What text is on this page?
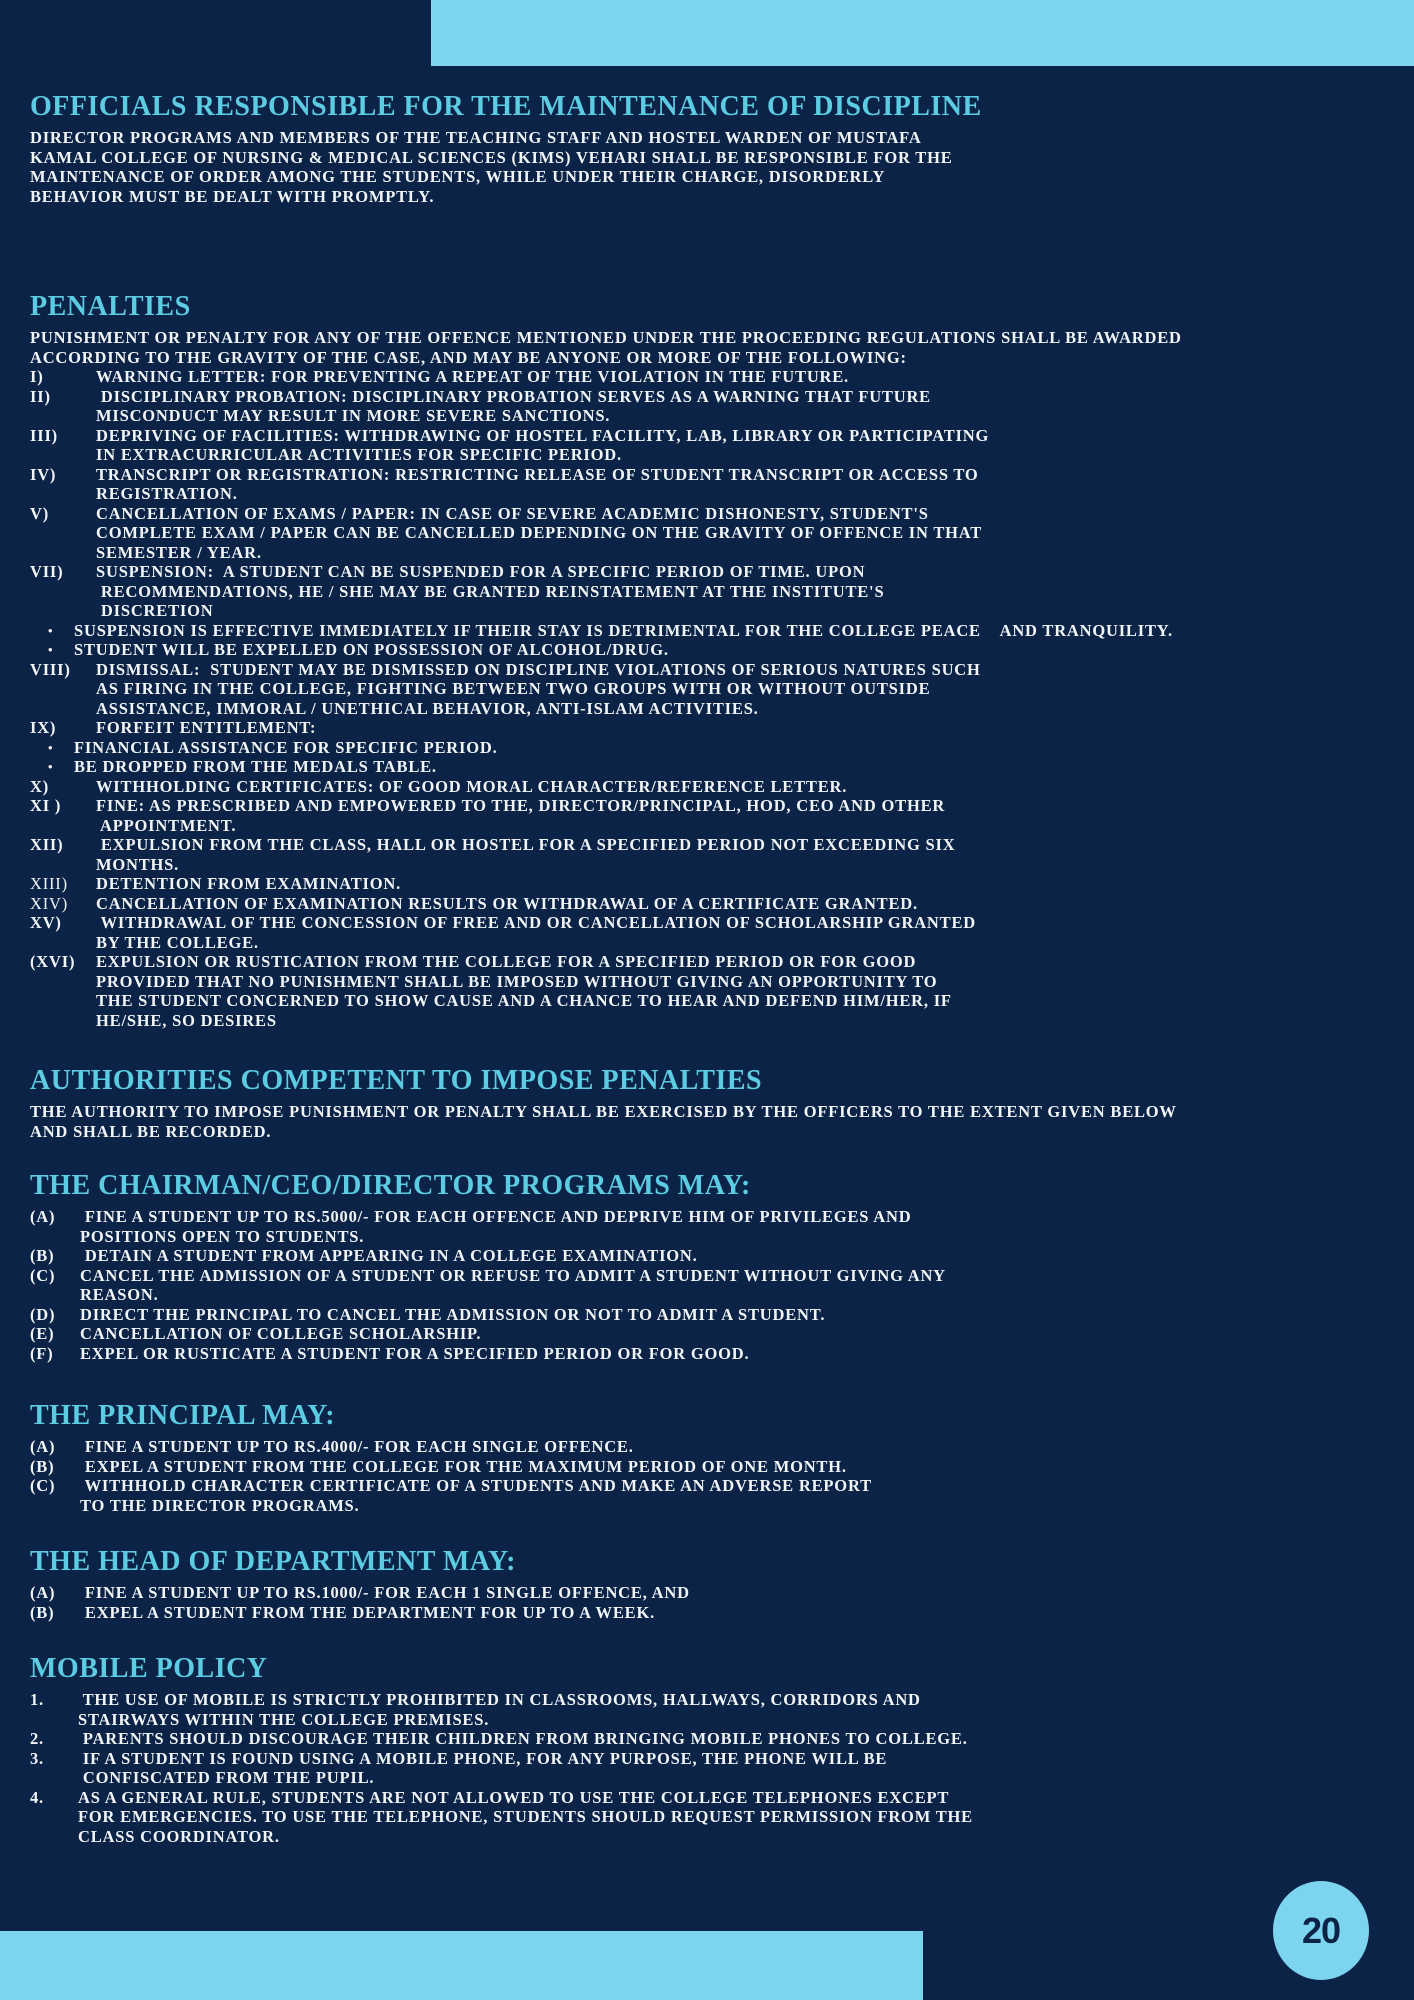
OFFICIALS RESPONSIBLE FOR THE MAINTENANCE OF DISCIPLINE
DIRECTOR PROGRAMS AND MEMBERS OF THE TEACHING STAFF AND HOSTEL WARDEN OF MUSTAFA
KAMAL COLLEGE OF NURSING & MEDICAL SCIENCES (KIMS) VEHARI SHALL BE RESPONSIBLE FOR THE
MAINTENANCE OF ORDER AMONG THE STUDENTS, WHILE UNDER THEIR CHARGE, DISORDERLY
BEHAVIOR MUST BE DEALT WITH PROMPTLY.
PENALTIES
PUNISHMENT OR PENALTY FOR ANY OF THE OFFENCE MENTIONED UNDER THE PROCEEDING REGULATIONS SHALL BE AWARDED
ACCORDING TO THE GRAVITY OF THE CASE, AND MAY BE ANYONE OR MORE OF THE FOLLOWING:
I)	WARNING LETTER: FOR PREVENTING A REPEAT OF THE VIOLATION IN THE FUTURE.
II)	DISCIPLINARY PROBATION: DISCIPLINARY PROBATION SERVES AS A WARNING THAT FUTURE
MISCONDUCT MAY RESULT IN MORE SEVERE SANCTIONS.
III)	DEPRIVING OF FACILITIES: WITHDRAWING OF HOSTEL FACILITY, LAB, LIBRARY OR PARTICIPATING
IN EXTRACURRICULAR ACTIVITIES FOR SPECIFIC PERIOD.
IV)	TRANSCRIPT OR REGISTRATION: RESTRICTING RELEASE OF STUDENT TRANSCRIPT OR ACCESS TO
REGISTRATION.
V)	CANCELLATION OF EXAMS / PAPER: IN CASE OF SEVERE ACADEMIC DISHONESTY, STUDENT'S
COMPLETE EXAM / PAPER CAN BE CANCELLED DEPENDING ON THE GRAVITY OF OFFENCE IN THAT
SEMESTER / YEAR.
VII)	SUSPENSION:  A STUDENT CAN BE SUSPENDED FOR A SPECIFIC PERIOD OF TIME. UPON
RECOMMENDATIONS, HE / SHE MAY BE GRANTED REINSTATEMENT AT THE INSTITUTE'S
DISCRETION
•	SUSPENSION IS EFFECTIVE IMMEDIATELY IF THEIR STAY IS DETRIMENTAL FOR THE COLLEGE PEACE    AND TRANQUILITY.
•	STUDENT WILL BE EXPELLED ON POSSESSION OF ALCOHOL/DRUG.
VIII)	DISMISSAL:  STUDENT MAY BE DISMISSED ON DISCIPLINE VIOLATIONS OF SERIOUS NATURES SUCH
AS FIRING IN THE COLLEGE, FIGHTING BETWEEN TWO GROUPS WITH OR WITHOUT OUTSIDE
ASSISTANCE, IMMORAL / UNETHICAL BEHAVIOR, ANTI-ISLAM ACTIVITIES.
IX)	FORFEIT ENTITLEMENT:
•	FINANCIAL ASSISTANCE FOR SPECIFIC PERIOD.
•	BE DROPPED FROM THE MEDALS TABLE.
X)	WITHHOLDING CERTIFICATES: OF GOOD MORAL CHARACTER/REFERENCE LETTER.
XI )	FINE: AS PRESCRIBED AND EMPOWERED TO THE, DIRECTOR/PRINCIPAL, HOD, CEO AND OTHER
APPOINTMENT.
XII)	EXPULSION FROM THE CLASS, HALL OR HOSTEL FOR A SPECIFIED PERIOD NOT EXCEEDING SIX
MONTHS.
XIII)	DETENTION FROM EXAMINATION.
XIV)	CANCELLATION OF EXAMINATION RESULTS OR WITHDRAWAL OF A CERTIFICATE GRANTED.
XV)	WITHDRAWAL OF THE CONCESSION OF FREE AND OR CANCELLATION OF SCHOLARSHIP GRANTED
BY THE COLLEGE.
(XVI)	EXPULSION OR RUSTICATION FROM THE COLLEGE FOR A SPECIFIED PERIOD OR FOR GOOD
PROVIDED THAT NO PUNISHMENT SHALL BE IMPOSED WITHOUT GIVING AN OPPORTUNITY TO
THE STUDENT CONCERNED TO SHOW CAUSE AND A CHANCE TO HEAR AND DEFEND HIM/HER, IF
HE/SHE, SO DESIRES
AUTHORITIES COMPETENT TO IMPOSE PENALTIES
THE AUTHORITY TO IMPOSE PUNISHMENT OR PENALTY SHALL BE EXERCISED BY THE OFFICERS TO THE EXTENT GIVEN BELOW
AND SHALL BE RECORDED.
THE CHAIRMAN/CEO/DIRECTOR PROGRAMS MAY:
(A)	FINE A STUDENT UP TO RS.5000/- FOR EACH OFFENCE AND DEPRIVE HIM OF PRIVILEGES AND
POSITIONS OPEN TO STUDENTS.
(B)	DETAIN A STUDENT FROM APPEARING IN A COLLEGE EXAMINATION.
(C)	CANCEL THE ADMISSION OF A STUDENT OR REFUSE TO ADMIT A STUDENT WITHOUT GIVING ANY
REASON.
(D)	DIRECT THE PRINCIPAL TO CANCEL THE ADMISSION OR NOT TO ADMIT A STUDENT.
(E)	CANCELLATION OF COLLEGE SCHOLARSHIP.
(F)	EXPEL OR RUSTICATE A STUDENT FOR A SPECIFIED PERIOD OR FOR GOOD.
THE PRINCIPAL MAY:
(A)	FINE A STUDENT UP TO RS.4000/- FOR EACH SINGLE OFFENCE.
(B)	EXPEL A STUDENT FROM THE COLLEGE FOR THE MAXIMUM PERIOD OF ONE MONTH.
(C)	WITHHOLD CHARACTER CERTIFICATE OF A STUDENTS AND MAKE AN ADVERSE REPORT
TO THE DIRECTOR PROGRAMS.
THE HEAD OF DEPARTMENT MAY:
(A)	FINE A STUDENT UP TO RS.1000/- FOR EACH 1 SINGLE OFFENCE, AND
(B)	EXPEL A STUDENT FROM THE DEPARTMENT FOR UP TO A WEEK.
MOBILE POLICY
1.	THE USE OF MOBILE IS STRICTLY PROHIBITED IN CLASSROOMS, HALLWAYS, CORRIDORS AND
STAIRWAYS WITHIN THE COLLEGE PREMISES.
2.	PARENTS SHOULD DISCOURAGE THEIR CHILDREN FROM BRINGING MOBILE PHONES TO COLLEGE.
3.	IF A STUDENT IS FOUND USING A MOBILE PHONE, FOR ANY PURPOSE, THE PHONE WILL BE
CONFISCATED FROM THE PUPIL.
4.	AS A GENERAL RULE, STUDENTS ARE NOT ALLOWED TO USE THE COLLEGE TELEPHONES EXCEPT
FOR EMERGENCIES. TO USE THE TELEPHONE, STUDENTS SHOULD REQUEST PERMISSION FROM THE
CLASS COORDINATOR.
20
